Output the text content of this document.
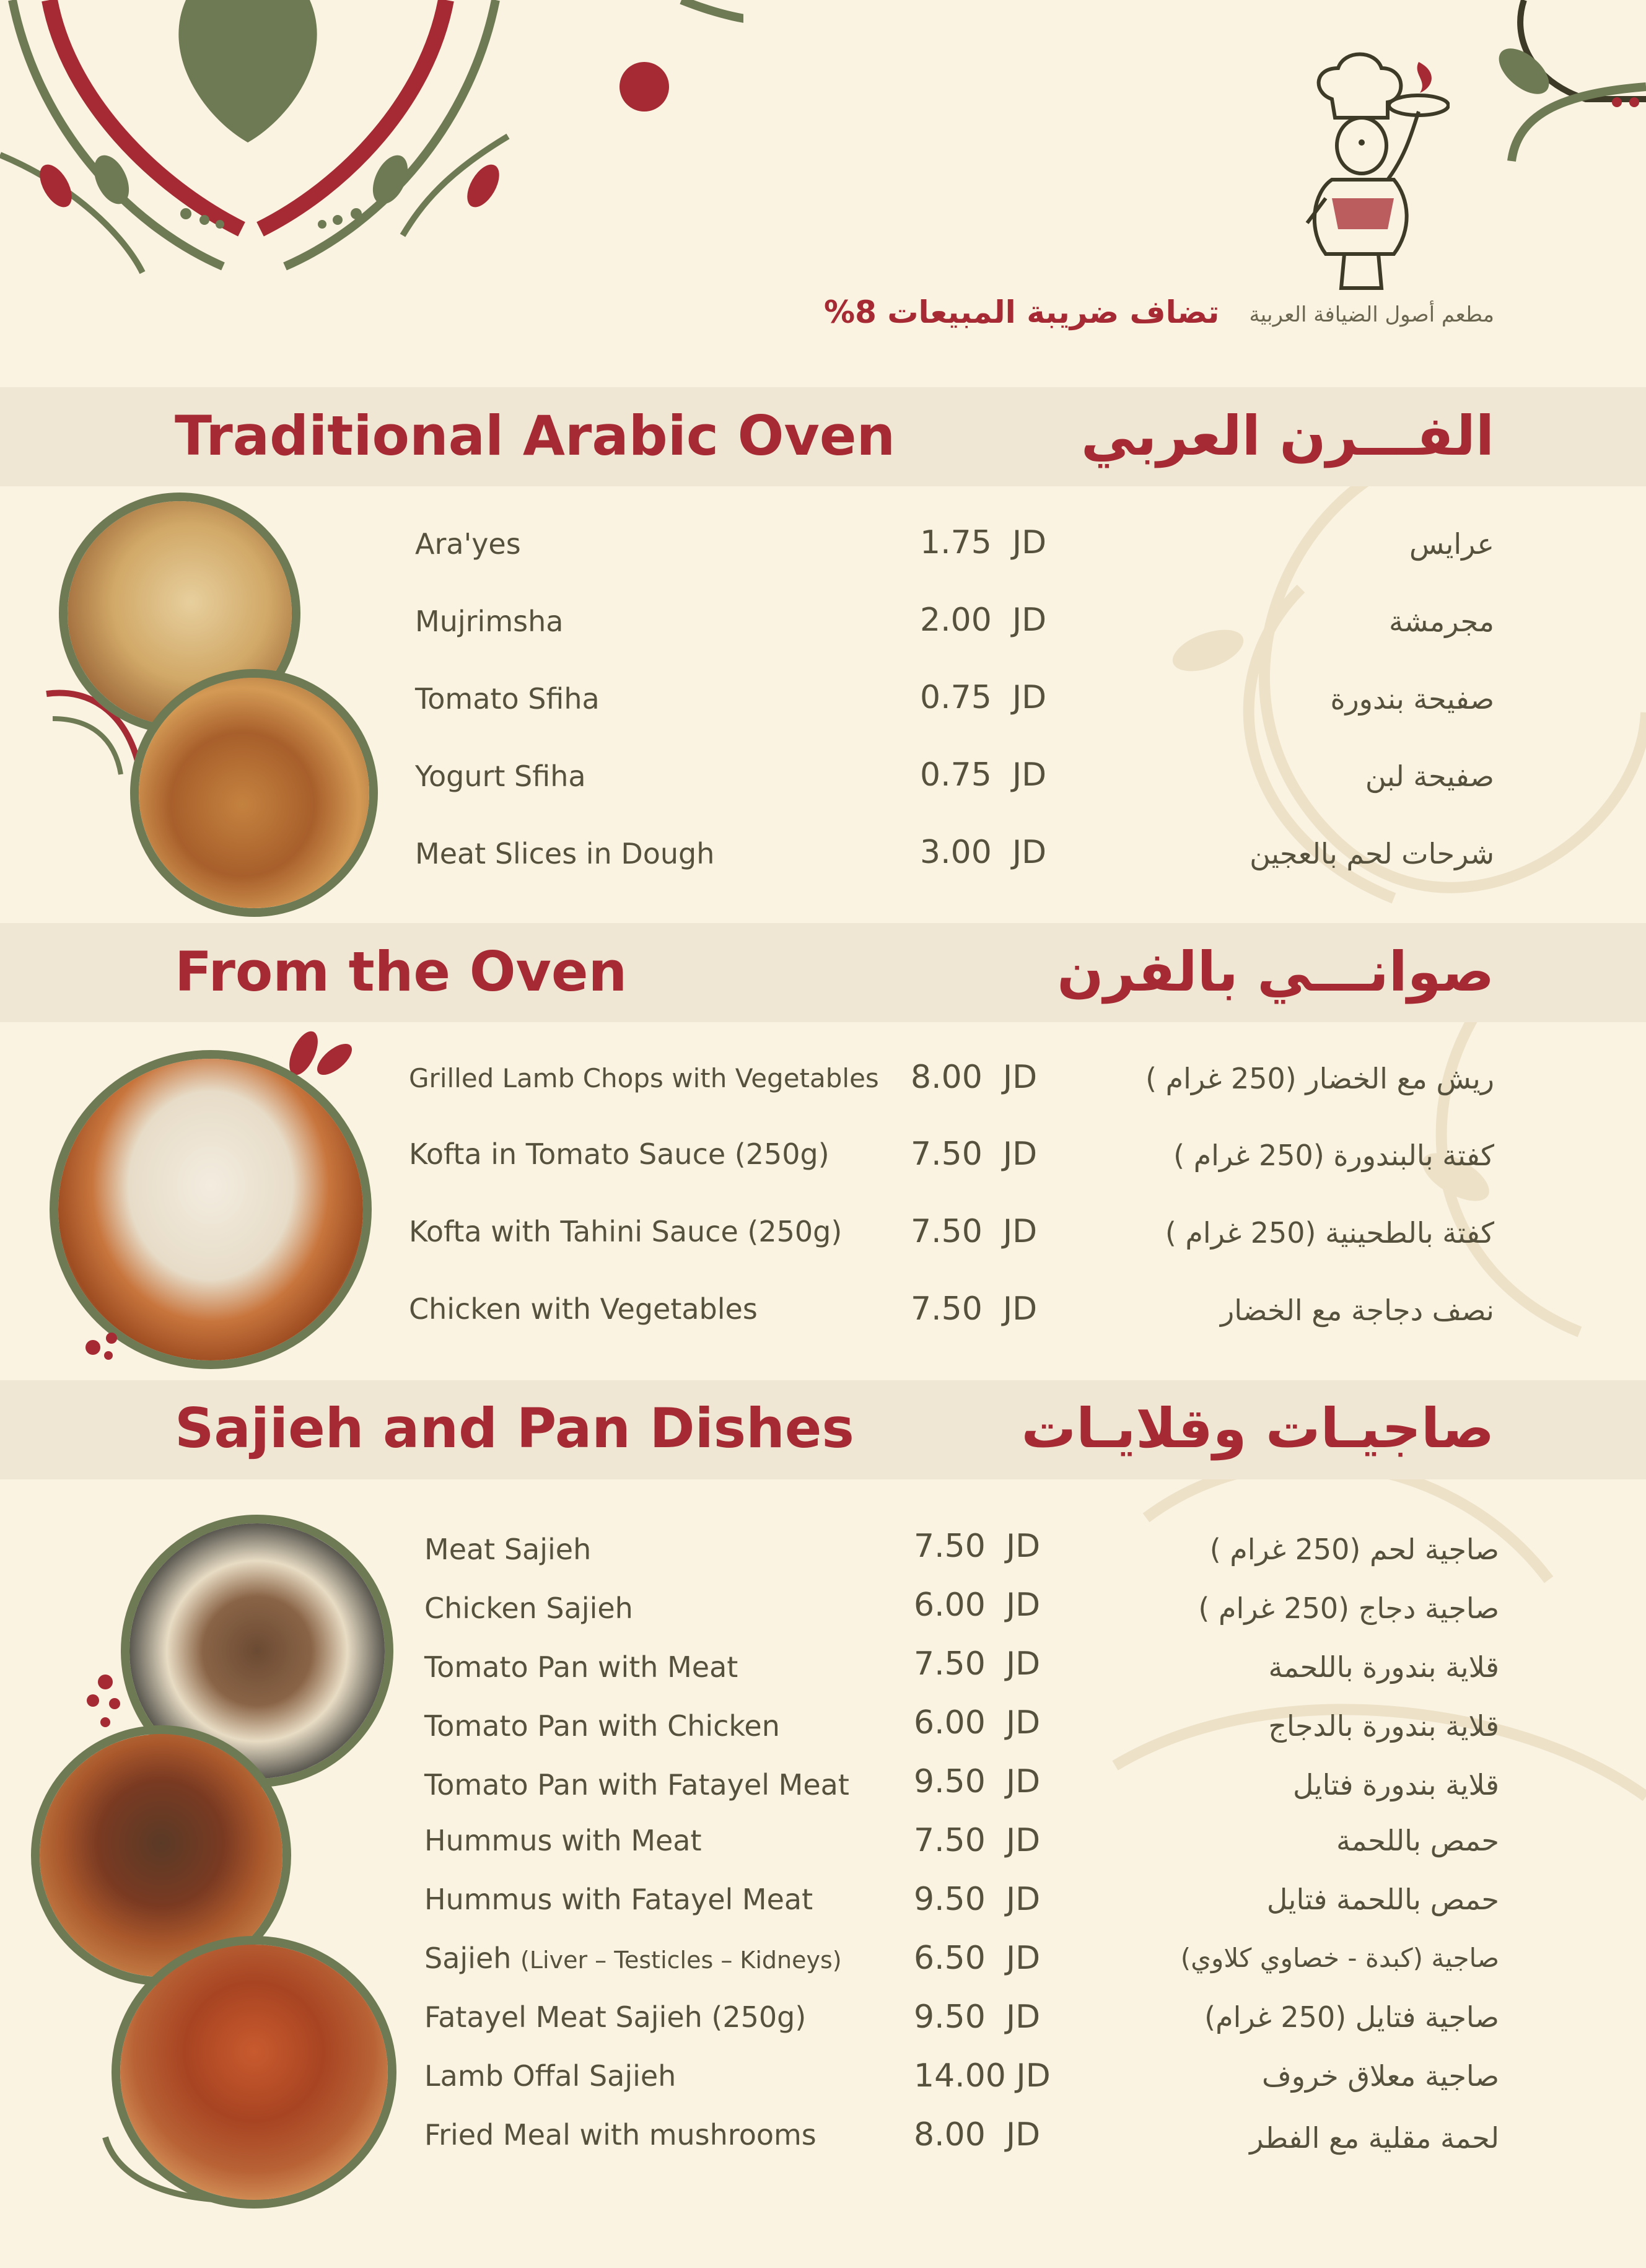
تضاف ضريبة المبيعات 8% مطعم أصول الضيافة العربية
Traditional Arabic Oven	الفـــرن العربي
Ara'yes	1.75 JD	عرايس
Mujrimsha	2.00 JD	مجرمشة
Tomato Sfiha	0.75 JD	صفيحة بندورة
Yogurt Sfiha	0.75 JD	صفيحة لبن
Meat Slices in Dough	3.00 JD	شرحات لحم بالعجين
From the Oven	صوانـــي بالفرن
Grilled Lamb Chops with Vegetables 8.00 JD	ريش مع الخضار (250 غرام )
Kofta in Tomato Sauce (250g)	7.50 JD	كفتة بالبندورة (250 غرام )
Kofta with Tahini Sauce (250g) 7.50 JD	كفتة بالطحينية (250 غرام )
Chicken with Vegetables	7.50 JD	نصف دجاجة مع الخضار
Sajieh and Pan Dishes	صاجيـات وقلايـات
Meat Sajieh	7.50 JD	صاجية لحم (250 غرام )
Chicken Sajieh	6.00 JD	صاجية دجاج (250 غرام )
Tomato Pan with Meat	7.50 JD	قلاية بندورة باللحمة
Tomato Pan with Chicken	6.00 JD	قلاية بندورة بالدجاج
Tomato Pan with Fatayel Meat 9.50 JD	قلاية بندورة فتايل
Hummus with Meat	7.50 JD	حمص باللحمة
Hummus with Fatayel Meat	9.50 JD	حمص باللحمة فتايل
Sajieh (Liver – Testicles – Kidneys) 6.50 JD	صاجية (كبدة - خصاوي كلاوي)
Fatayel Meat Sajieh (250g)	9.50 JD	صاجية فتايل (250 غرام)
Lamb Offal Sajieh	14.00 JD	صاجية معلاق خروف
Fried Meal with mushrooms	8.00 JD	لحمة مقلية مع الفطر
